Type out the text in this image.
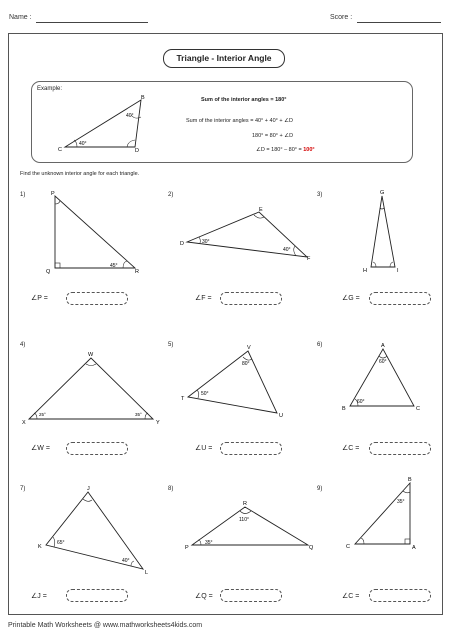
Name :	Score :
Triangle - Interior Angle
Example:
B
C	D
40°
40°
Sum of the interior angles = 180°
Sum of the interior angles = 40° + 40° + ∠D
180° = 80° + ∠D
∠D = 180° – 80° = 100°
Find the unknown interior angle for each triangle.
1)	P
Q	R
45°
∠P =
2)
E
D
F
30°
40°
∠F =
3)	G
H	I
∠G =
4)
W
X	Y
25°	35°
∠W =
5)	V
T
U
80°
50°
∠U =
6)	A
B	C
60°
60°
∠C =
7)	J
K
L
65°
40°
∠J =
8)
R
P	Q
110°
35°
∠Q =
9)
B
C	A
35°
∠C =
Printable Math Worksheets @ www.mathworksheets4kids.com
